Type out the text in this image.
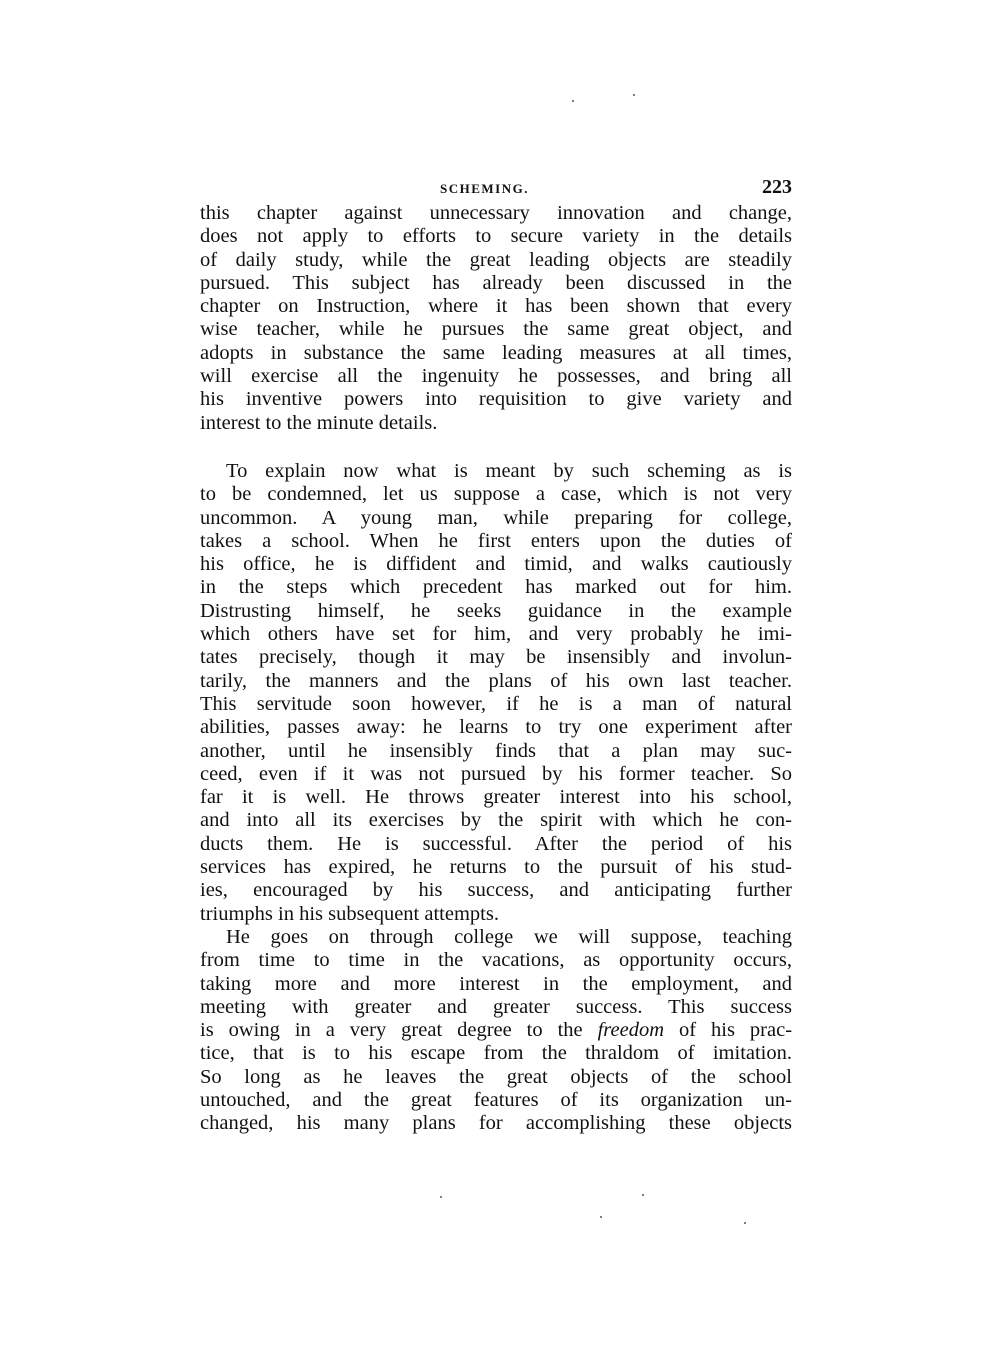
SCHEMING.	223
this chapter against unnecessary innovation and change,
does not apply to efforts to secure variety in the details
of daily study, while the great leading objects are steadily
pursued. This subject has already been discussed in the
chapter on Instruction, where it has been shown that every
wise teacher, while he pursues the same great object, and
adopts in substance the same leading measures at all times,
will exercise all the ingenuity he possesses, and bring all
his inventive powers into requisition to give variety and
interest to the minute details.
To explain now what is meant by such scheming as is
to be condemned, let us suppose a case, which is not very
uncommon. A young man, while preparing for college,
takes a school. When he first enters upon the duties of
his office, he is diffident and timid, and walks cautiously
in the steps which precedent has marked out for him.
Distrusting himself, he seeks guidance in the example
which others have set for him, and very probably he imi-
tates precisely, though it may be insensibly and involun-
tarily, the manners and the plans of his own last teacher.
This servitude soon however, if he is a man of natural
abilities, passes away: he learns to try one experiment after
another, until he insensibly finds that a plan may suc-
ceed, even if it was not pursued by his former teacher. So
far it is well. He throws greater interest into his school,
and into all its exercises by the spirit with which he con-
ducts them. He is successful. After the period of his
services has expired, he returns to the pursuit of his stud-
ies, encouraged by his success, and anticipating further
triumphs in his subsequent attempts.
He goes on through college we will suppose, teaching
from time to time in the vacations, as opportunity occurs,
taking more and more interest in the employment, and
meeting with greater and greater success. This success
is owing in a very great degree to the freedom of his prac-
tice, that is to his escape from the thraldom of imitation.
So long as he leaves the great objects of the school
untouched, and the great features of its organization un-
changed, his many plans for accomplishing these objects
